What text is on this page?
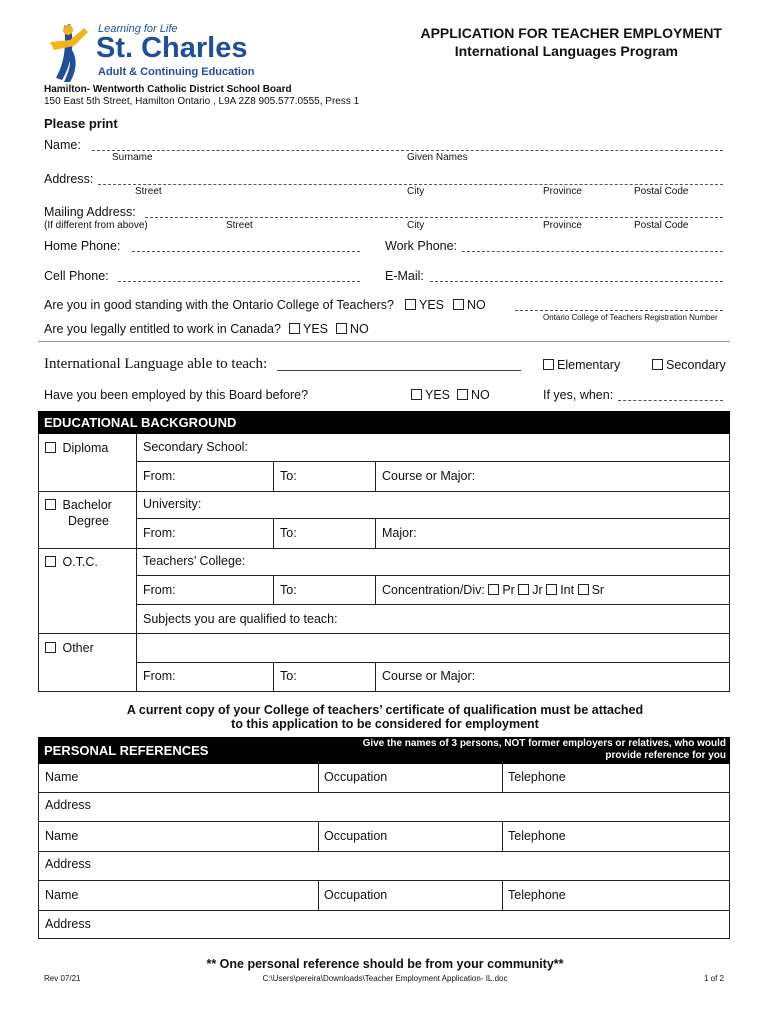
Learning for Life
St. Charles
Adult & Continuing Education
APPLICATION FOR TEACHER EMPLOYMENT
International Languages Program
Hamilton- Wentworth Catholic District School Board
150 East 5th Street, Hamilton Ontario , L9A 2Z8 905.577.0555, Press 1
Please print
Name:
Surname	Given Names
Address:
Street	City	Province	Postal Code
Mailing Address:
(If different from above)	Street	City	Province	Postal Code
Home Phone:	Work Phone:
Cell Phone:	E-Mail:
Are you in good standing with the Ontario College of Teachers?	YES	NO
Ontario College of Teachers Registration Number
Are you legally entitled to work in Canada?	YES	NO
International Language able to teach:	Elementary	Secondary
Have you been employed by this Board before?	YES	NO	If yes, when:
EDUCATIONAL BACKGROUND
Diploma	Secondary School:
From:	To:	Course or Major:
Bachelor
Degree
University:
From:	To:	Major:
O.T.C.	Teachers’ College:
From:	To:	Concentration/Div: Pr Jr Int Sr
Subjects you are qualified to teach:
Other
From:	To:	Course or Major:
A current copy of your College of teachers’ certificate of qualification must be attached
to this application to be considered for employment
PERSONAL REFERENCES	Give the names of 3 persons, NOT former employers or relatives, who would
provide reference for you
Name	Occupation	Telephone
Address
Name	Occupation	Telephone
Address
Name	Occupation	Telephone
Address
** One personal reference should be from your community**
Rev 07/21	C:\Users\pereira\Downloads\Teacher Employment Application- IL.doc	1 of 2
